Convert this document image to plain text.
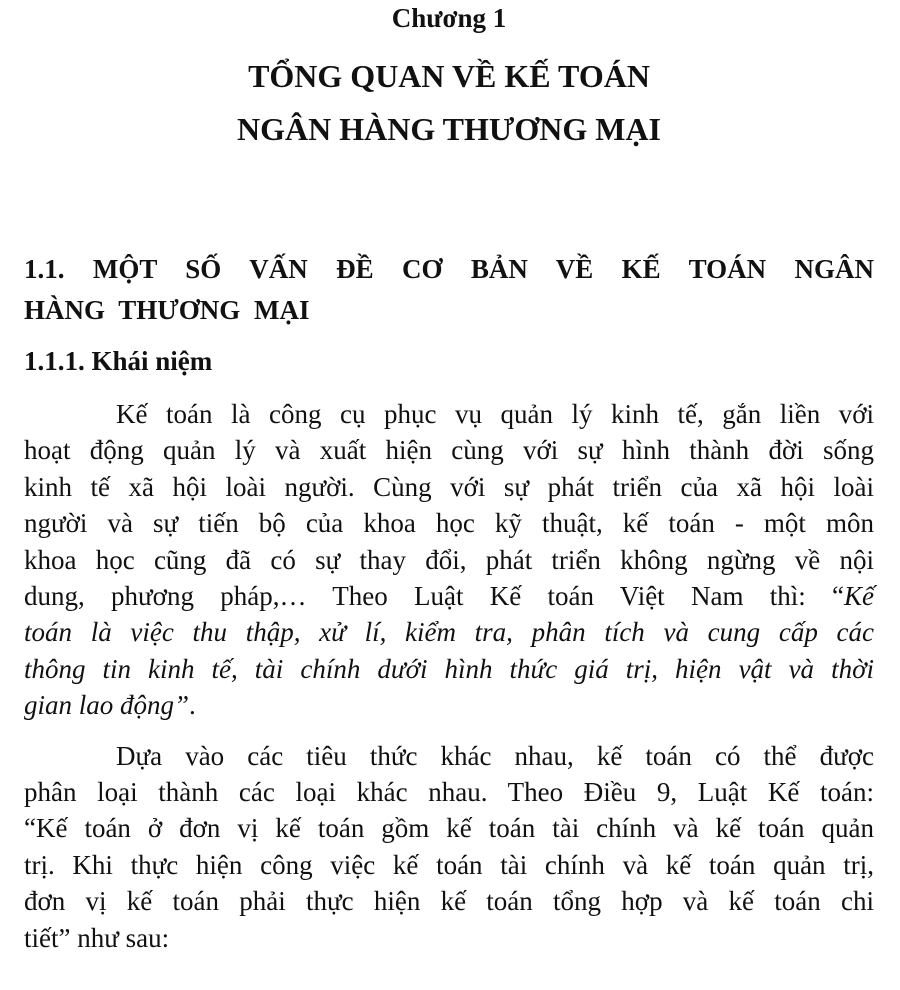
Chương 1
TỔNG QUAN VỀ KẾ TOÁN
NGÂN HÀNG THƯƠNG MẠI
1.1. MỘT SỐ VẤN ĐỀ CƠ BẢN VỀ KẾ TOÁN NGÂN
HÀNG THƯƠNG MẠI
1.1.1. Khái niệm
Kế toán là công cụ phục vụ quản lý kinh tế, gắn liền với
hoạt động quản lý và xuất hiện cùng với sự hình thành đời sống
kinh tế xã hội loài người. Cùng với sự phát triển của xã hội loài
người và sự tiến bộ của khoa học kỹ thuật, kế toán - một môn
khoa học cũng đã có sự thay đổi, phát triển không ngừng về nội
dung, phương pháp,… Theo Luật Kế toán Việt Nam thì: “Kế
toán là việc thu thập, xử lí, kiểm tra, phân tích và cung cấp các
thông tin kinh tế, tài chính dưới hình thức giá trị, hiện vật và thời
gian lao động”.
Dựa vào các tiêu thức khác nhau, kế toán có thể được
phân loại thành các loại khác nhau. Theo Điều 9, Luật Kế toán:
“Kế toán ở đơn vị kế toán gồm kế toán tài chính và kế toán quản
trị. Khi thực hiện công việc kế toán tài chính và kế toán quản trị,
đơn vị kế toán phải thực hiện kế toán tổng hợp và kế toán chi
tiết” như sau:
